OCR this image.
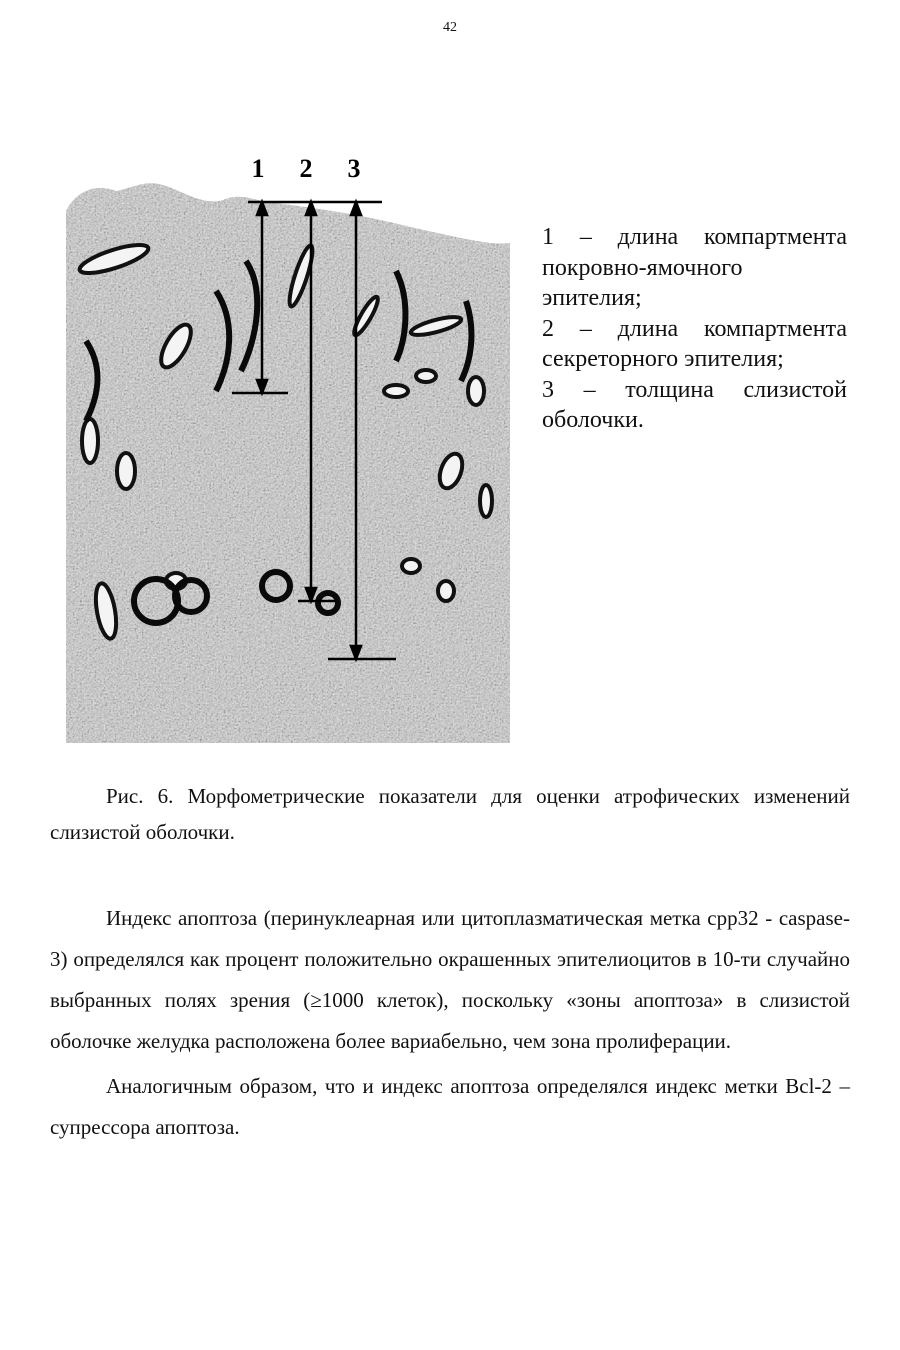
42
1 2 3

1 – длина компартмента покровно-ямочного эпителия;

2 – длина компартмента секреторного эпителия;

3 – толщина слизистой оболочки.

Рис. 6. Морфометрические показатели для оценки атрофических изменений слизистой оболочки.

Индекс апоптоза (перинуклеарная или цитоплазматическая метка cpp32 - caspase-3) определялся как процент положительно окрашенных эпителиоцитов в 10-ти случайно выбранных полях зрения (≥1000 клеток), поскольку «зоны апоптоза» в слизистой оболочке желудка расположена более вариабельно, чем зона пролиферации.

Аналогичным образом, что и индекс апоптоза определялся индекс метки Bcl-2 – супрессора апоптоза.
